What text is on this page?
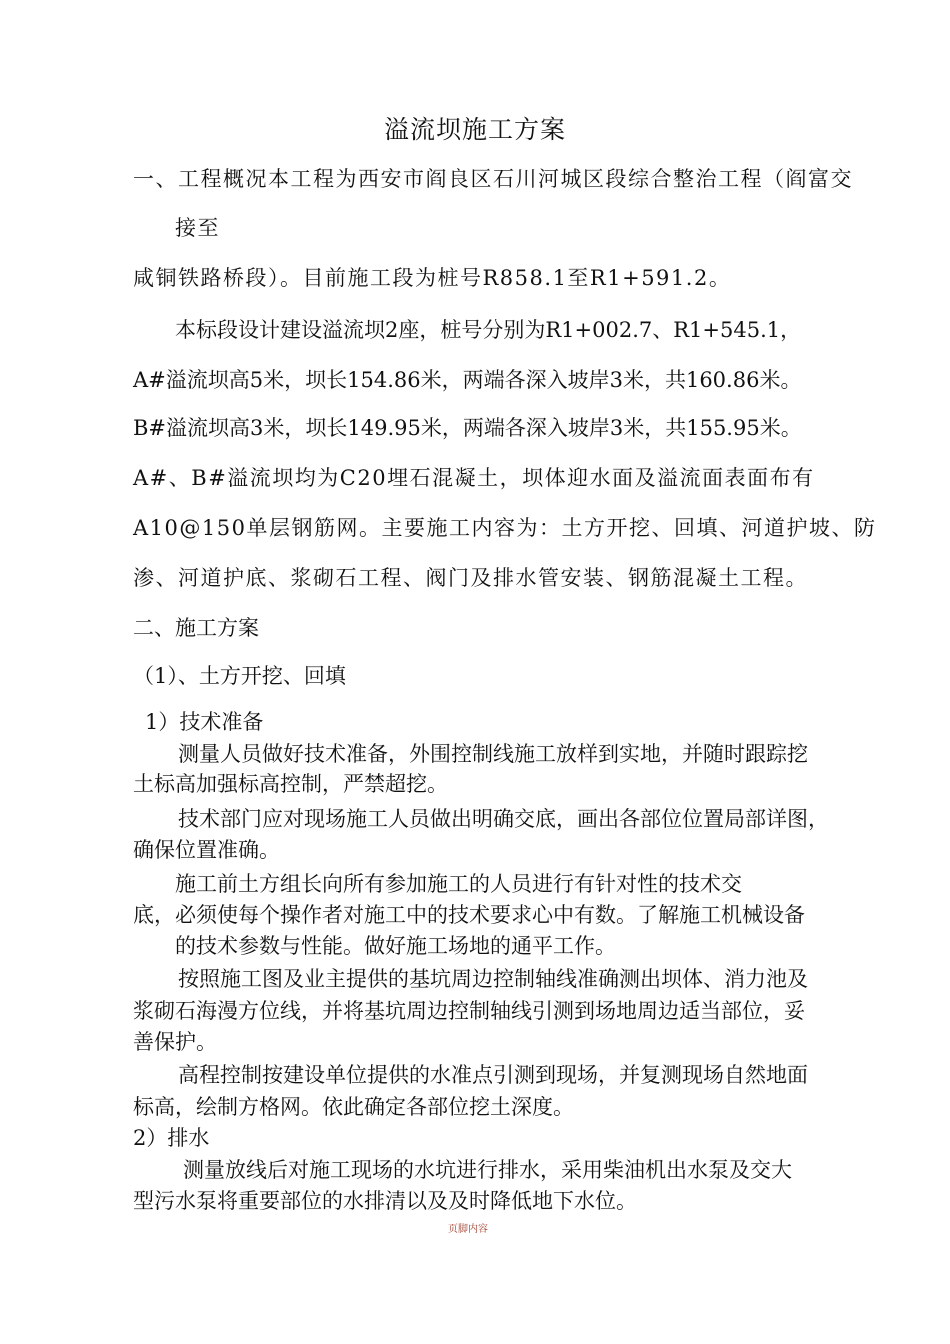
溢流坝施工方案
一、工程概况本工程为西安市阎良区石川河城区段综合整治工程（阎富交
接至
咸铜铁路桥段）。目前施工段为桩号R858.1至R1+591.2。
本标段设计建设溢流坝2座，桩号分别为R1+002.7、R1+545.1，
A#溢流坝高5米，坝长154.86米，两端各深入坡岸3米，共160.86米。
B#溢流坝高3米，坝长149.95米，两端各深入坡岸3米，共155.95米。
A#、B#溢流坝均为C20埋石混凝土，坝体迎水面及溢流面表面布有
A10@150单层钢筋网。主要施工内容为：土方开挖、回填、河道护坡、防
渗、河道护底、浆砌石工程、阀门及排水管安装、钢筋混凝土工程。
二、施工方案
（1）、土方开挖、回填
1）技术准备
测量人员做好技术准备，外围控制线施工放样到实地，并随时跟踪挖
土标高加强标高控制，严禁超挖。
技术部门应对现场施工人员做出明确交底，画出各部位位置局部详图，
确保位置准确。
施工前土方组长向所有参加施工的人员进行有针对性的技术交
底，必须使每个操作者对施工中的技术要求心中有数。了解施工机械设备
的技术参数与性能。做好施工场地的通平工作。
按照施工图及业主提供的基坑周边控制轴线准确测出坝体、消力池及
浆砌石海漫方位线，并将基坑周边控制轴线引测到场地周边适当部位，妥
善保护。
高程控制按建设单位提供的水准点引测到现场，并复测现场自然地面
标高，绘制方格网。依此确定各部位挖土深度。
2）排水
测量放线后对施工现场的水坑进行排水，采用柴油机出水泵及交大
型污水泵将重要部位的水排清以及及时降低地下水位。
页脚内容
